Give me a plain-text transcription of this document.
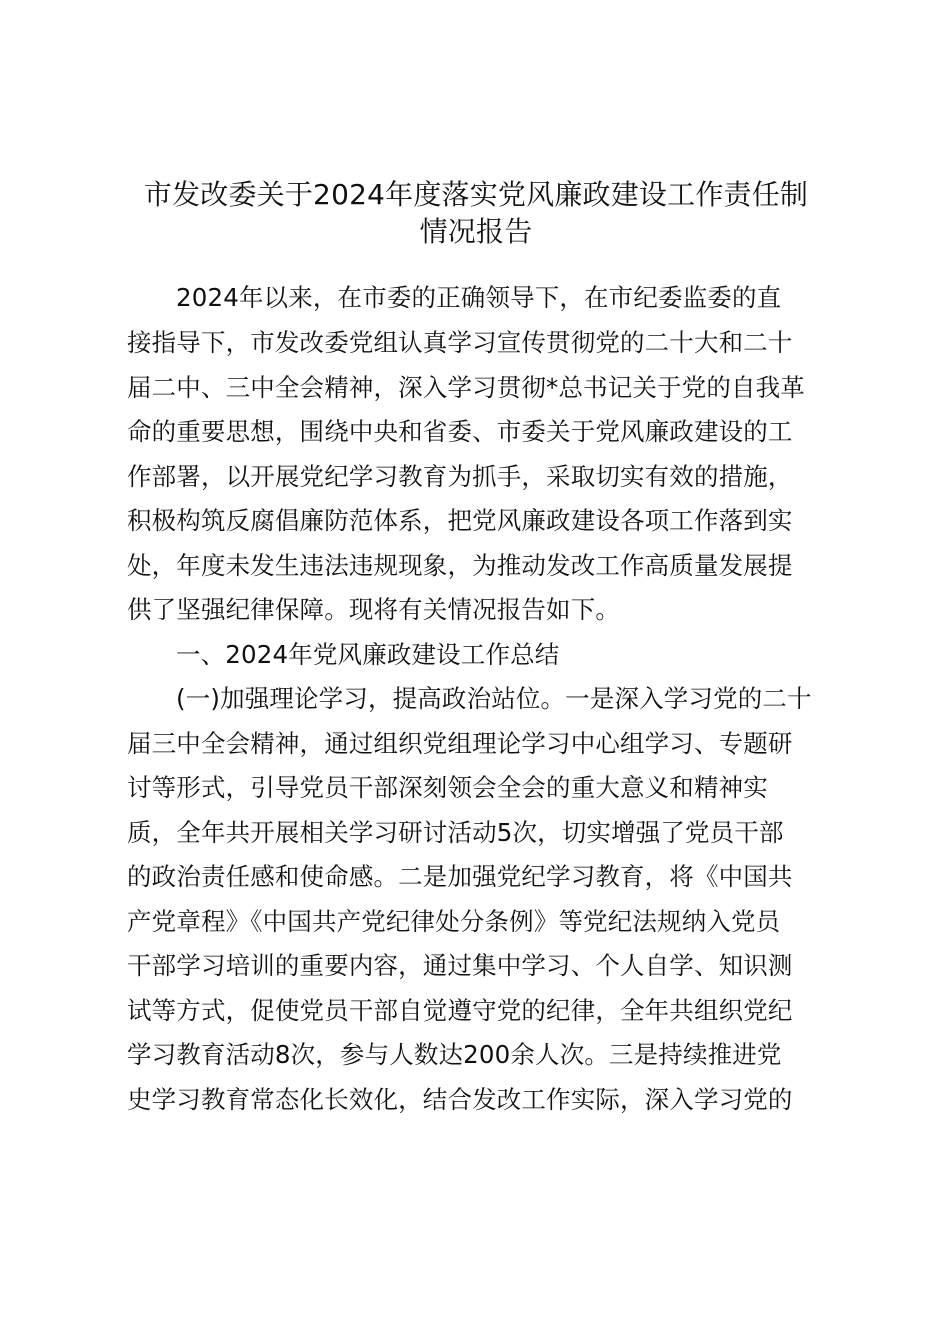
市发改委关于2024年度落实党风廉政建设工作责任制
情况报告
2024年以来，在市委的正确领导下，在市纪委监委的直
接指导下，市发改委党组认真学习宣传贯彻党的二十大和二十
届二中、三中全会精神，深入学习贯彻*总书记关于党的自我革
命的重要思想，围绕中央和省委、市委关于党风廉政建设的工
作部署，以开展党纪学习教育为抓手，采取切实有效的措施，
积极构筑反腐倡廉防范体系，把党风廉政建设各项工作落到实
处，年度未发生违法违规现象，为推动发改工作高质量发展提
供了坚强纪律保障。现将有关情况报告如下。
一、2024年党风廉政建设工作总结
(一)加强理论学习，提高政治站位。一是深入学习党的二十
届三中全会精神，通过组织党组理论学习中心组学习、专题研
讨等形式，引导党员干部深刻领会全会的重大意义和精神实
质，全年共开展相关学习研讨活动5次，切实增强了党员干部
的政治责任感和使命感。二是加强党纪学习教育，将《中国共
产党章程》《中国共产党纪律处分条例》等党纪法规纳入党员
干部学习培训的重要内容，通过集中学习、个人自学、知识测
试等方式，促使党员干部自觉遵守党的纪律，全年共组织党纪
学习教育活动8次，参与人数达200余人次。三是持续推进党
史学习教育常态化长效化，结合发改工作实际，深入学习党的
